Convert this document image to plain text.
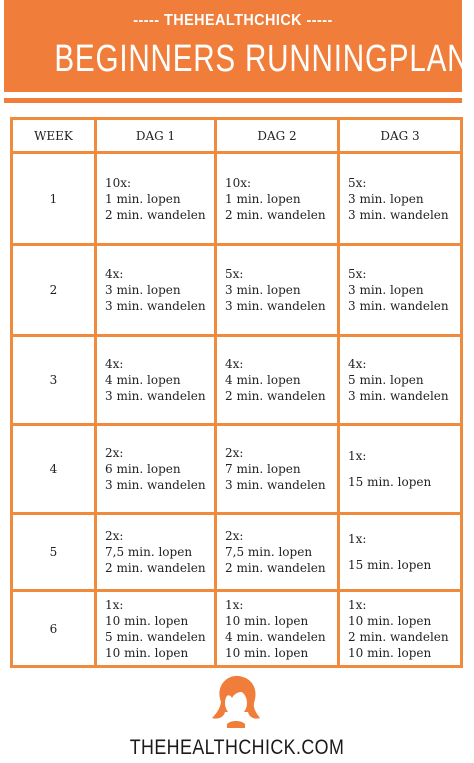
----- THEHEALTHCHICK -----
BEGINNERS RUNNINGPLAN
WEEK	DAG 1	DAG 2	DAG 3
1	10x:
1 min. lopen
2 min. wandelen	10x:
1 min. lopen
2 min. wandelen	5x:
3 min. lopen
3 min. wandelen

2	4x:
3 min. lopen
3 min. wandelen	5x:
3 min. lopen
3 min. wandelen	5x:
3 min. lopen
3 min. wandelen

3	4x:
4 min. lopen
3 min. wandelen	4x:
4 min. lopen
2 min. wandelen	4x:
5 min. lopen
3 min. wandelen

4	2x:
6 min. lopen
3 min. wandelen	2x:
7 min. lopen
3 min. wandelen	1x:
15 min. lopen

5	2x:
7,5 min. lopen
2 min. wandelen	2x:
7,5 min. lopen
2 min. wandelen	1x:
15 min. lopen

6	1x:
10 min. lopen
5 min. wandelen
10 min. lopen	1x:
10 min. lopen
4 min. wandelen
10 min. lopen	1x:
10 min. lopen
2 min. wandelen
10 min. lopen
THEHEALTHCHICK.COM
